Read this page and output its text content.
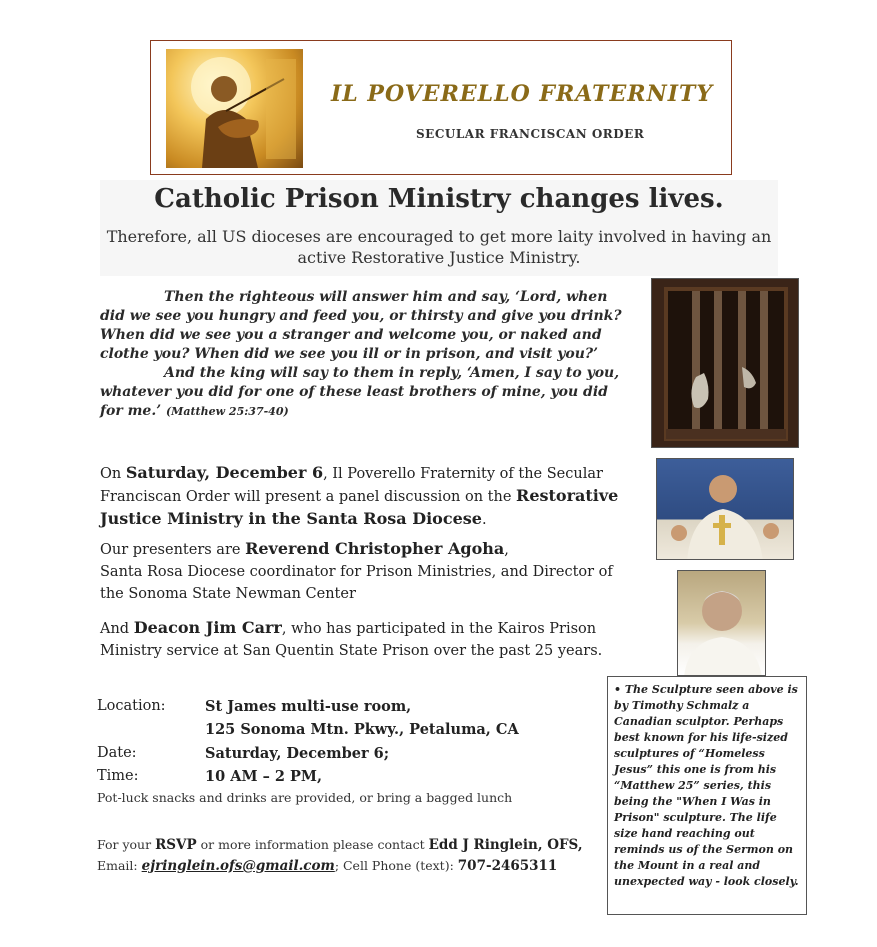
IL POVERELLO FRATERNITY
SECULAR FRANCISCAN ORDER
Catholic Prison Ministry changes lives.
Therefore, all US dioceses are encouraged to get more laity involved in having an active Restorative Justice Ministry.

Then the righteous will answer him and say, ‘Lord, when did we see you hungry and feed you, or thirsty and give you drink? When did we see you a stranger and welcome you, or naked and clothe you? When did we see you ill or in prison, and visit you?’

And the king will say to them in reply, ‘Amen, I say to you, whatever you did for one of these least brothers of mine, you did for me.’ (Matthew 25:37-40)

On Saturday, December 6, Il Poverello Fraternity of the Secular Franciscan Order will present a panel discussion on the Restorative Justice Ministry in the Santa Rosa Diocese.

Our presenters are Reverend Christopher Agoha,
Santa Rosa Diocese coordinator for Prison Ministries, and Director of the Sonoma State Newman Center

And Deacon Jim Carr, who has participated in the Kairos Prison Ministry service at San Quentin State Prison over the past 25 years.

Location:	St James multi-use room,
125 Sonoma Mtn. Pkwy., Petaluma, CA
Date:	Saturday, December 6;
Time:	10 AM – 2 PM,
Pot-luck snacks and drinks are provided, or bring a bagged lunch
For your RSVP or more information please contact Edd J Ringlein, OFS,
Email: ejringlein.ofs@gmail.com; Cell Phone (text): 707-2465311
• The Sculpture seen above is by Timothy Schmalz a Canadian sculptor. Perhaps best known for his life-sized sculptures of “Homeless Jesus” this one is from his “Matthew 25” series, this being the "When I Was in Prison" sculpture. The life size hand reaching out reminds us of the Sermon on the Mount in a real and unexpected way - look closely.
